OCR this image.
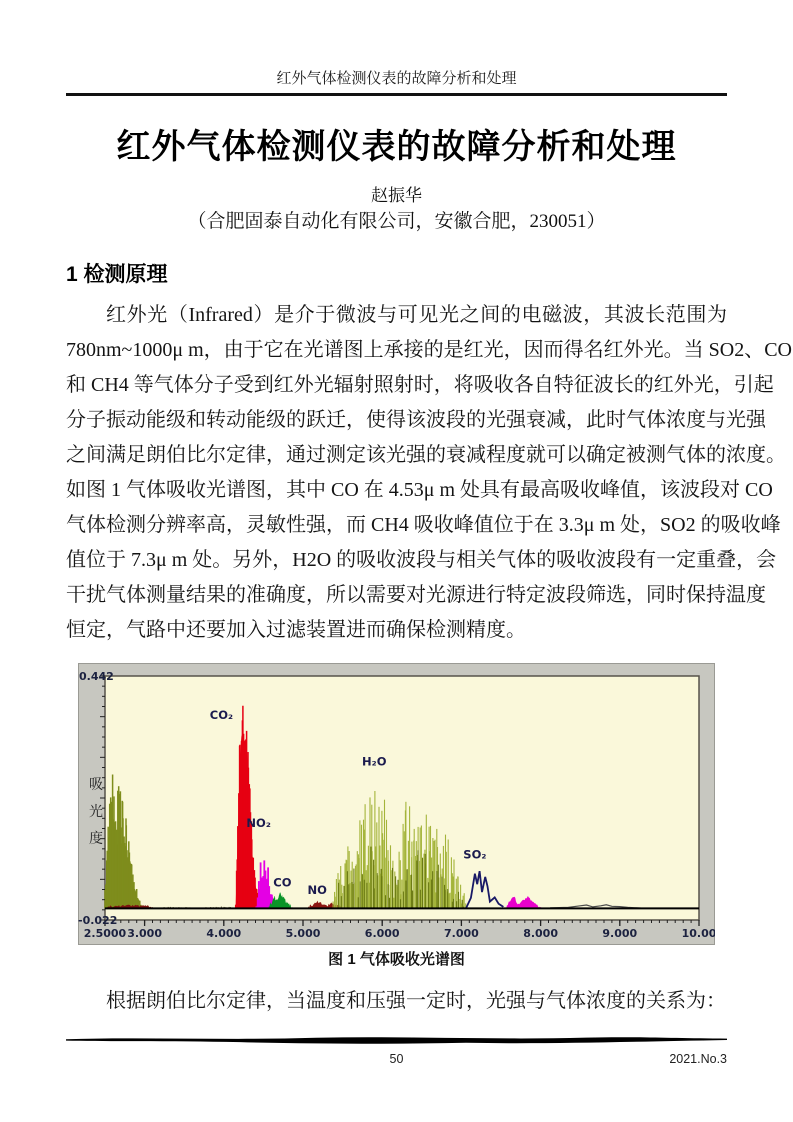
红外气体检测仪表的故障分析和处理
红外气体检测仪表的故障分析和处理
赵振华
（合肥固泰自动化有限公司，安徽合肥，230051）
1 检测原理
红外光（Infrared）是介于微波与可见光之间的电磁波，其波长范围为
780nm~1000μ m，由于它在光谱图上承接的是红光，因而得名红外光。当 SO2、CO
和 CH4 等气体分子受到红外光辐射照射时，将吸收各自特征波长的红外光，引起
分子振动能级和转动能级的跃迁，使得该波段的光强衰减，此时气体浓度与光强
之间满足朗伯比尔定律，通过测定该光强的衰减程度就可以确定被测气体的浓度。
如图 1 气体吸收光谱图，其中 CO 在 4.53μ m 处具有最高吸收峰值，该波段对 CO
气体检测分辨率高，灵敏性强，而 CH4 吸收峰值位于在 3.3μ m 处，SO2 的吸收峰
值位于 7.3μ m 处。另外，H2O 的吸收波段与相关气体的吸收波段有一定重叠，会
干扰气体测量结果的准确度，所以需要对光源进行特定波段筛选，同时保持温度
恒定，气路中还要加入过滤装置进而确保检测精度。
2.5000 3.000	4.000	5.000	6.000	7.000	8.000	9.000	10.00
0.442
-0.022
吸
光
度
CO₂
NO₂
CO
NO
H₂O
SO₂
图 1 气体吸收光谱图
根据朗伯比尔定律，当温度和压强一定时，光强与气体浓度的关系为：
50	2021.No.3
